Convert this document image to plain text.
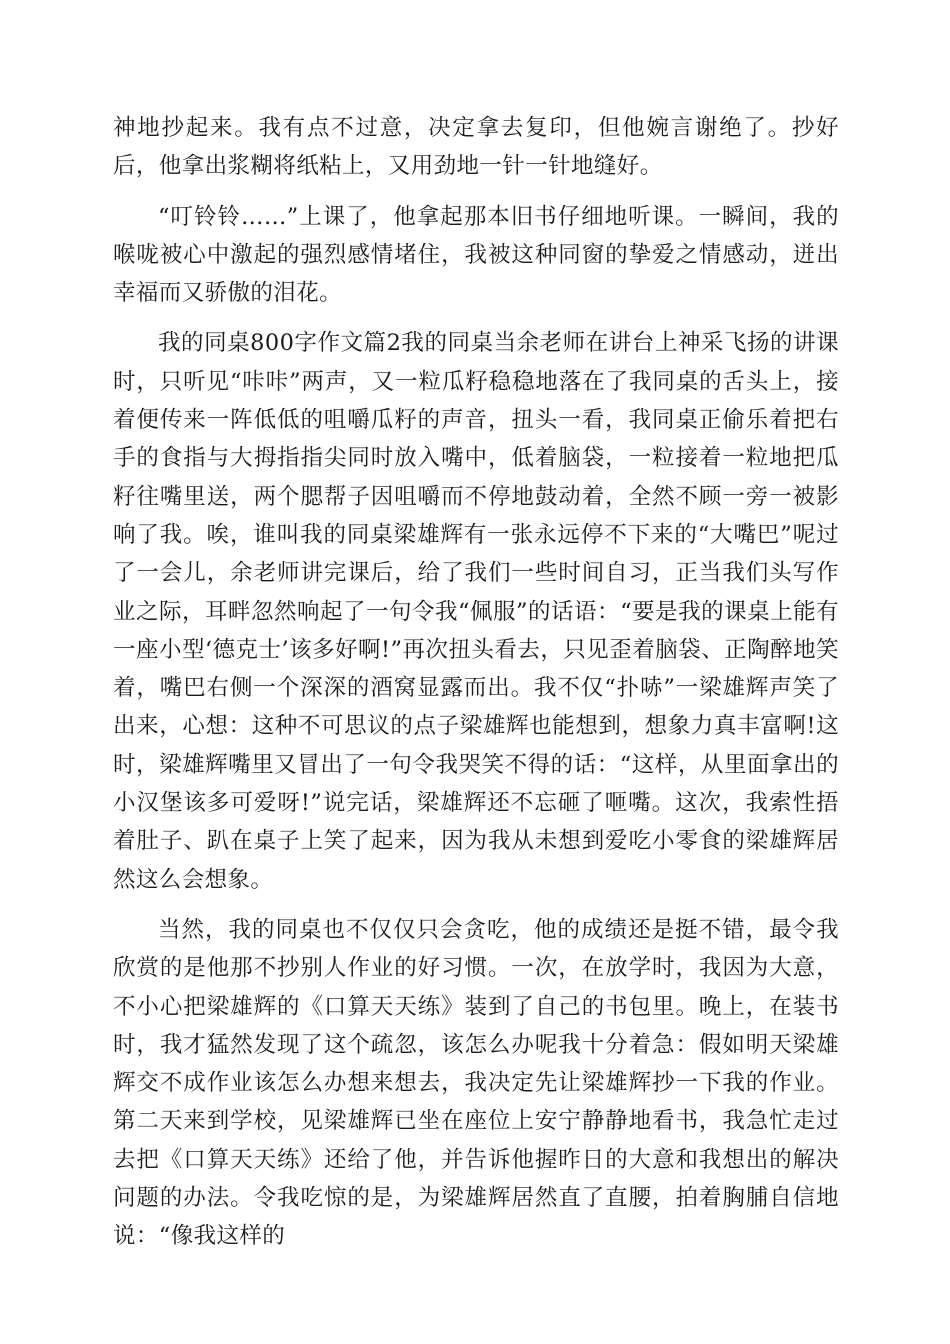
神地抄起来。我有点不过意，决定拿去复印，但他婉言谢绝了。抄好后，他拿出浆糊将纸粘上，又用劲地一针一针地缝好。

“叮铃铃……”上课了，他拿起那本旧书仔细地听课。一瞬间，我的喉咙被心中激起的强烈感情堵住，我被这种同窗的挚爱之情感动，迸出幸福而又骄傲的泪花。

我的同桌800字作文篇2我的同桌当余老师在讲台上神采飞扬的讲课时，只听见“咔咔”两声，又一粒瓜籽稳稳地落在了我同桌的舌头上，接着便传来一阵低低的咀嚼瓜籽的声音，扭头一看，我同桌正偷乐着把右手的食指与大拇指指尖同时放入嘴中，低着脑袋，一粒接着一粒地把瓜籽往嘴里送，两个腮帮子因咀嚼而不停地鼓动着，全然不顾一旁一被影响了我。唉，谁叫我的同桌梁雄辉有一张永远停不下来的“大嘴巴”呢过了一会儿，余老师讲完课后，给了我们一些时间自习，正当我们头写作业之际，耳畔忽然响起了一句令我“佩服”的话语：“要是我的课桌上能有一座小型‘德克士’该多好啊!”再次扭头看去，只见歪着脑袋、正陶醉地笑着，嘴巴右侧一个深深的酒窝显露而出。我不仅“扑哧”一梁雄辉声笑了出来，心想：这种不可思议的点子梁雄辉也能想到，想象力真丰富啊!这时，梁雄辉嘴里又冒出了一句令我哭笑不得的话：“这样，从里面拿出的小汉堡该多可爱呀!”说完话，梁雄辉还不忘砸了咂嘴。这次，我索性捂着肚子、趴在桌子上笑了起来，因为我从未想到爱吃小零食的梁雄辉居然这么会想象。

当然，我的同桌也不仅仅只会贪吃，他的成绩还是挺不错，最令我欣赏的是他那不抄别人作业的好习惯。一次，在放学时，我因为大意，不小心把梁雄辉的《口算天天练》装到了自己的书包里。晚上，在装书时，我才猛然发现了这个疏忽，该怎么办呢我十分着急：假如明天梁雄辉交不成作业该怎么办想来想去，我决定先让梁雄辉抄一下我的作业。第二天来到学校，见梁雄辉已坐在座位上安宁静静地看书，我急忙走过去把《口算天天练》还给了他，并告诉他握昨日的大意和我想出的解决问题的办法。令我吃惊的是，为梁雄辉居然直了直腰，拍着胸脯自信地说：“像我这样的
